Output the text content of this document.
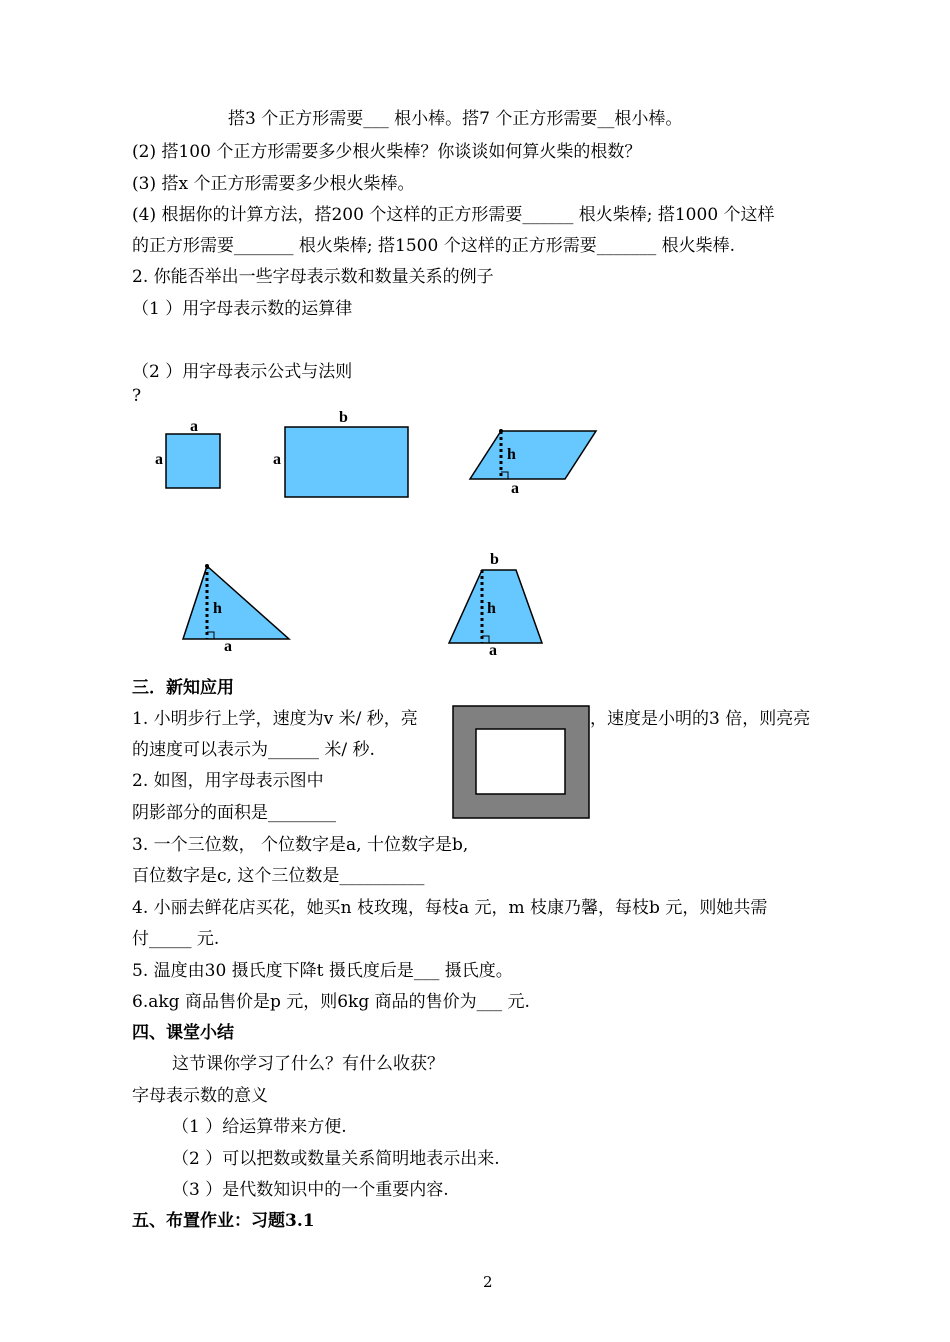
搭3 个正方形需要___ 根小棒。搭7 个正方形需要__根小棒。
(2) 搭100 个正方形需要多少根火柴棒？你谈谈如何算火柴的根数？
(3) 搭x 个正方形需要多少根火柴棒。
(4) 根据你的计算方法，搭200 个这样的正方形需要______ 根火柴棒; 搭1000 个这样
的正方形需要_______ 根火柴棒; 搭1500 个这样的正方形需要_______ 根火柴棒.
2. 你能否举出一些字母表示数和数量关系的例子
（1 ）用字母表示数的运算律
（2 ）用字母表示公式与法则
?
a
a
b
a	h
a
h
a
b
h
a
三．新知应用
1. 小明步行上学，速度为v 米/ 秒，亮	，速度是小明的3 倍，则亮亮
的速度可以表示为______ 米/ 秒.
2. 如图，用字母表示图中
阴影部分的面积是________
3. 一个三位数， 个位数字是a, 十位数字是b,
百位数字是c, 这个三位数是__________
4. 小丽去鲜花店买花，她买n 枝玫瑰，每枝a 元，m 枝康乃馨，每枝b 元，则她共需
付_____ 元.
5. 温度由30 摄氏度下降t 摄氏度后是___ 摄氏度。
6.akg 商品售价是p 元，则6kg 商品的售价为___ 元.
四、课堂小结
这节课你学习了什么？有什么收获？
字母表示数的意义
（1 ）给运算带来方便.
（2 ）可以把数或数量关系简明地表示出来.
（3 ）是代数知识中的一个重要内容.
五、布置作业：习题3.1
2
